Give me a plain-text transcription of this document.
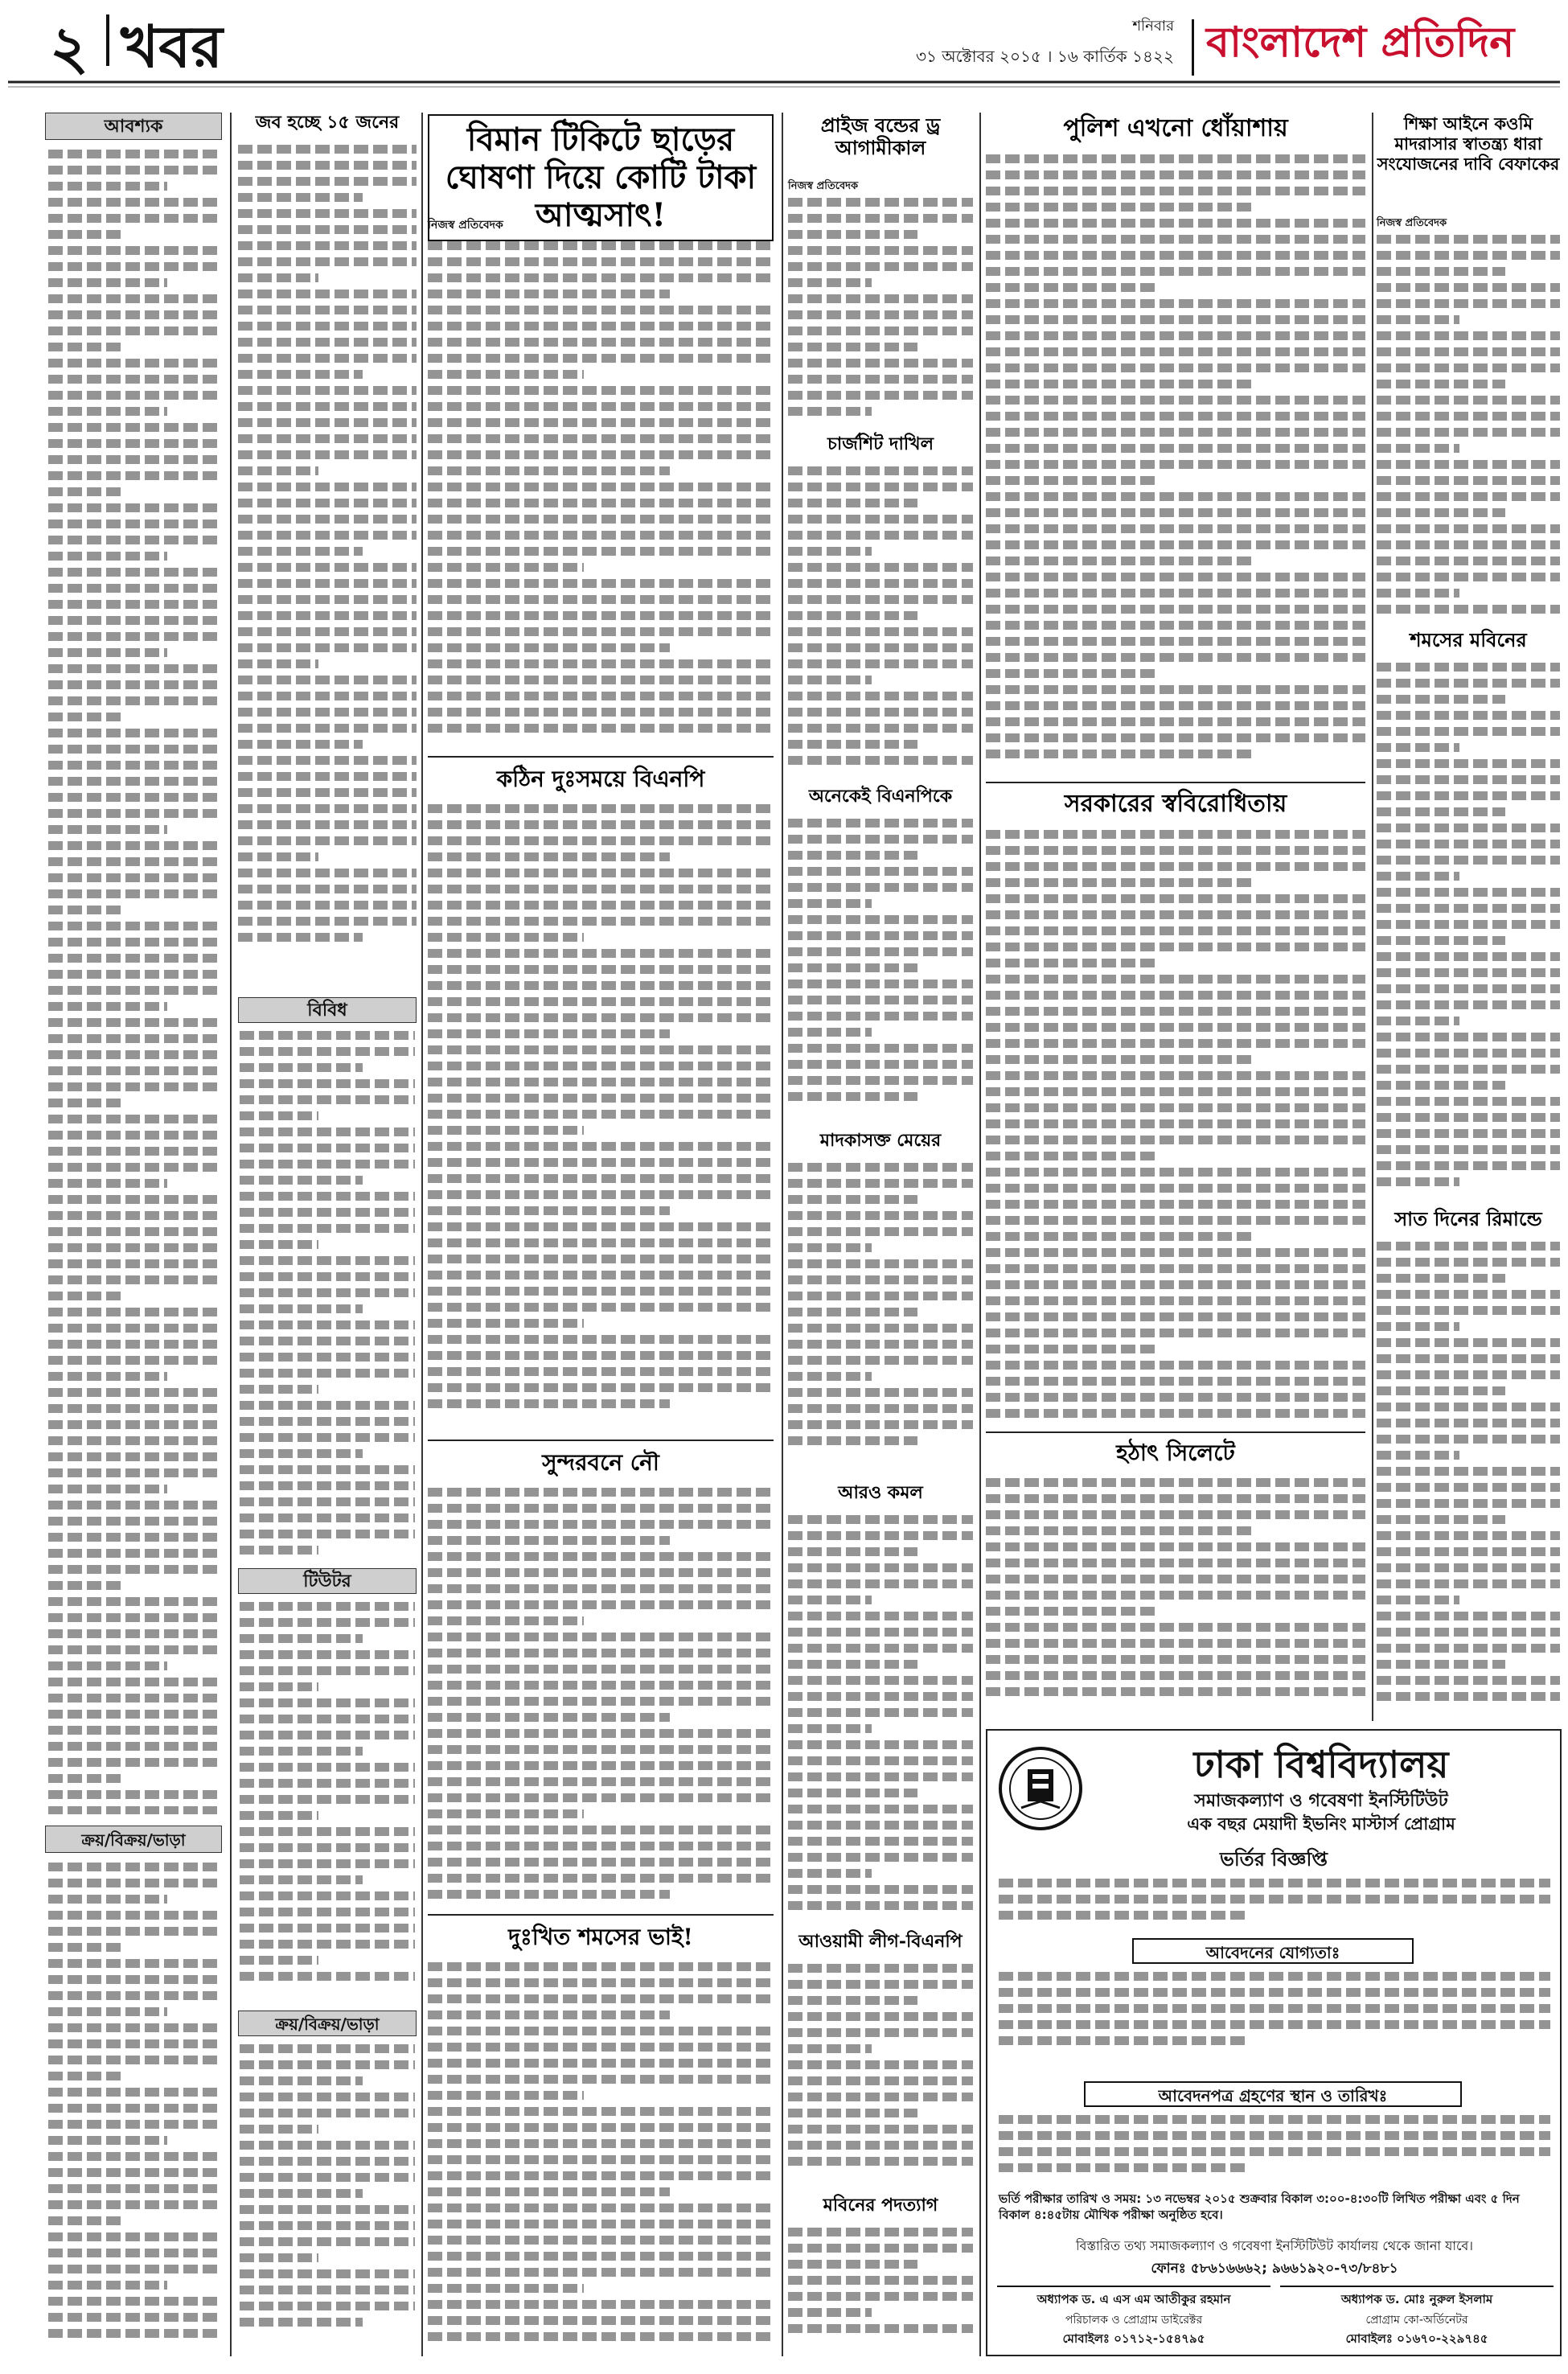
২ খবর	শনিবার
৩১ অক্টোবর ২০১৫ । ১৬ কার্তিক ১৪২২ বাংলাদেশ প্রতিদিন
আবশ্যক
ক্রয়/বিক্রয়/ভাড়া
জব হচ্ছে ১৫ জনের
বিবিধ
টিউটর
ক্রয়/বিক্রয়/ভাড়া
বিমান টিকিটে ছাড়ের ঘোষণা দিয়ে কোটি টাকা আত্মসাৎ!
নিজস্ব প্রতিবেদক
কঠিন দুঃসময়ে বিএনপি
সুন্দরবনে নৌ
দুঃখিত শমসের ভাই!
প্রাইজ বন্ডের ড্র আগামীকাল
নিজস্ব প্রতিবেদক
চার্জশিট দাখিল
অনেকেই বিএনপিকে
মাদকাসক্ত মেয়ের
আরও কমল
আওয়ামী লীগ-বিএনপি
মবিনের পদত্যাগ
পুলিশ এখনো ধোঁয়াশায়
সরকারের স্ববিরোধিতায়
হঠাৎ সিলেটে
শিক্ষা আইনে কওমি মাদরাসার স্বাতন্ত্র্য ধারা সংযোজনের দাবি বেফাকের
নিজস্ব প্রতিবেদক
শমসের মবিনের
সাত দিনের রিমান্ডে
ঢাকা বিশ্ববিদ্যালয়
সমাজকল্যাণ ও গবেষণা ইনস্টিটিউট
এক বছর মেয়াদী ইভনিং মাস্টার্স প্রোগ্রাম
ভর্তির বিজ্ঞপ্তি
আবেদনের যোগ্যতাঃ
আবেদনপত্র গ্রহণের স্থান ও তারিখঃ
ভর্তি পরীক্ষার তারিখ ও সময়: ১৩ নভেম্বর ২০১৫ শুক্রবার বিকাল ৩:০০-৪:৩০টি লিখিত পরীক্ষা এবং ৫ দিন বিকাল ৪:৪৫টায় মৌখিক পরীক্ষা অনুষ্ঠিত হবে।
বিস্তারিত তথ্য সমাজকল্যাণ ও গবেষণা ইনস্টিটিউট কার্যালয় থেকে জানা যাবে।
ফোনঃ ৫৮৬১৬৬৬২; ৯৬৬১৯২০-৭৩/৮৪৮১
অধ্যাপক ড. এ এস এম আতীকুর রহমান
পরিচালক ও প্রোগ্রাম ডাইরেক্টর
মোবাইলঃ ০১৭১২-১৫৪৭৯৫
অধ্যাপক ড. মোঃ নুরুল ইসলাম
প্রোগ্রাম কো-অর্ডিনেটর
মোবাইলঃ ০১৬৭০-২২৯৭৪৫
